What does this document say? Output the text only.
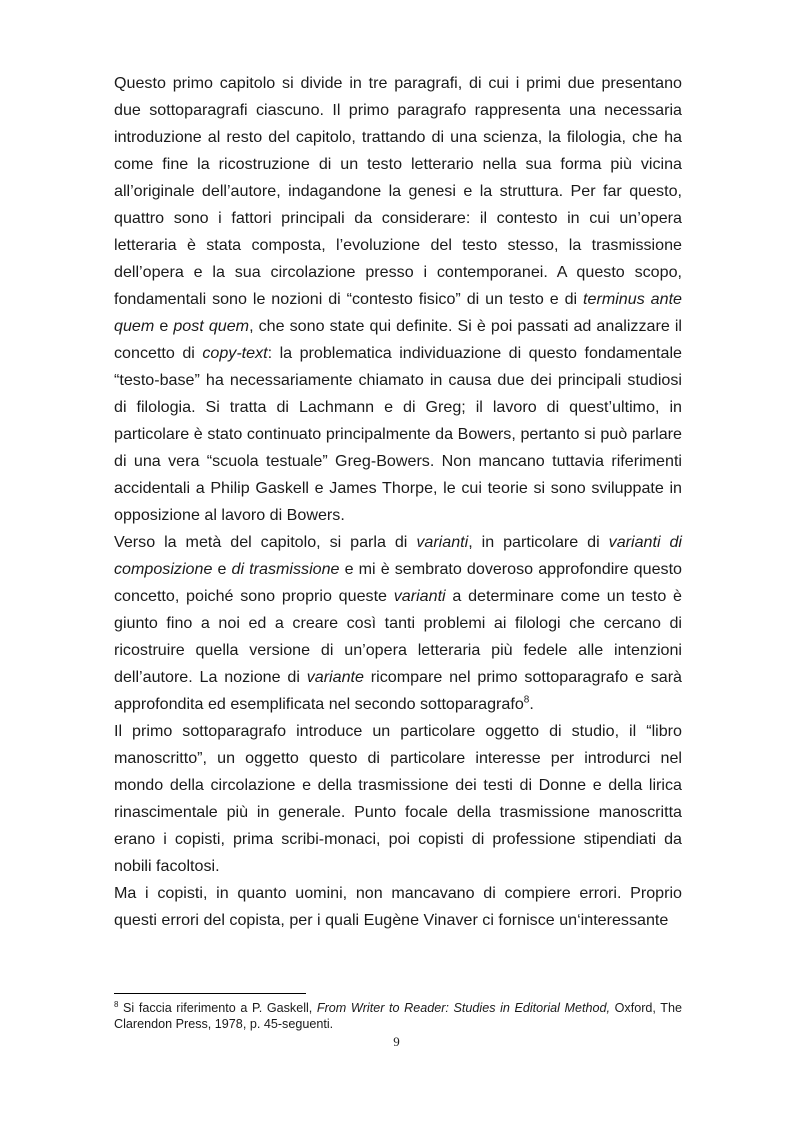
Questo primo capitolo si divide in tre paragrafi, di cui i primi due presentano due sottoparagrafi ciascuno. Il primo paragrafo rappresenta una necessaria introduzione al resto del capitolo, trattando di una scienza, la filologia, che ha come fine la ricostruzione di un testo letterario nella sua forma più vicina all’originale dell’autore, indagandone la genesi e la struttura. Per far questo, quattro sono i fattori principali da considerare: il contesto in cui un’opera letteraria è stata composta, l’evoluzione del testo stesso, la trasmissione dell’opera e la sua circolazione presso i contemporanei. A questo scopo, fondamentali sono le nozioni di “contesto fisico” di un testo e di terminus ante quem e post quem, che sono state qui definite. Si è poi passati ad analizzare il concetto di copy-text: la problematica individuazione di questo fondamentale “testo-base” ha necessariamente chiamato in causa due dei principali studiosi di filologia. Si tratta di Lachmann e di Greg; il lavoro di quest’ultimo, in particolare è stato continuato principalmente da Bowers, pertanto si può parlare di una vera “scuola testuale” Greg-Bowers. Non mancano tuttavia riferimenti accidentali a Philip Gaskell e James Thorpe, le cui teorie si sono sviluppate in opposizione al lavoro di Bowers.

Verso la metà del capitolo, si parla di varianti, in particolare di varianti di composizione e di trasmissione e mi è sembrato doveroso approfondire questo concetto, poiché sono proprio queste varianti a determinare come un testo è giunto fino a noi ed a creare così tanti problemi ai filologi che cercano di ricostruire quella versione di un’opera letteraria più fedele alle intenzioni dell’autore. La nozione di variante ricompare nel primo sottoparagrafo e sarà approfondita ed esemplificata nel secondo sottoparagrafo$^8$.

Il primo sottoparagrafo introduce un particolare oggetto di studio, il “libro manoscritto”, un oggetto questo di particolare interesse per introdurci nel mondo della circolazione e della trasmissione dei testi di Donne e della lirica rinascimentale più in generale. Punto focale della trasmissione manoscritta erano i copisti, prima scribi-monaci, poi copisti di professione stipendiati da nobili facoltosi.

Ma i copisti, in quanto uomini, non mancavano di compiere errori. Proprio questi errori del copista, per i quali Eugène Vinaver ci fornisce un‘interessante

$^8$ Si faccia riferimento a P. Gaskell, From Writer to Reader: Studies in Editorial Method, Oxford, The Clarendon Press, 1978, p. 45-seguenti.
9
